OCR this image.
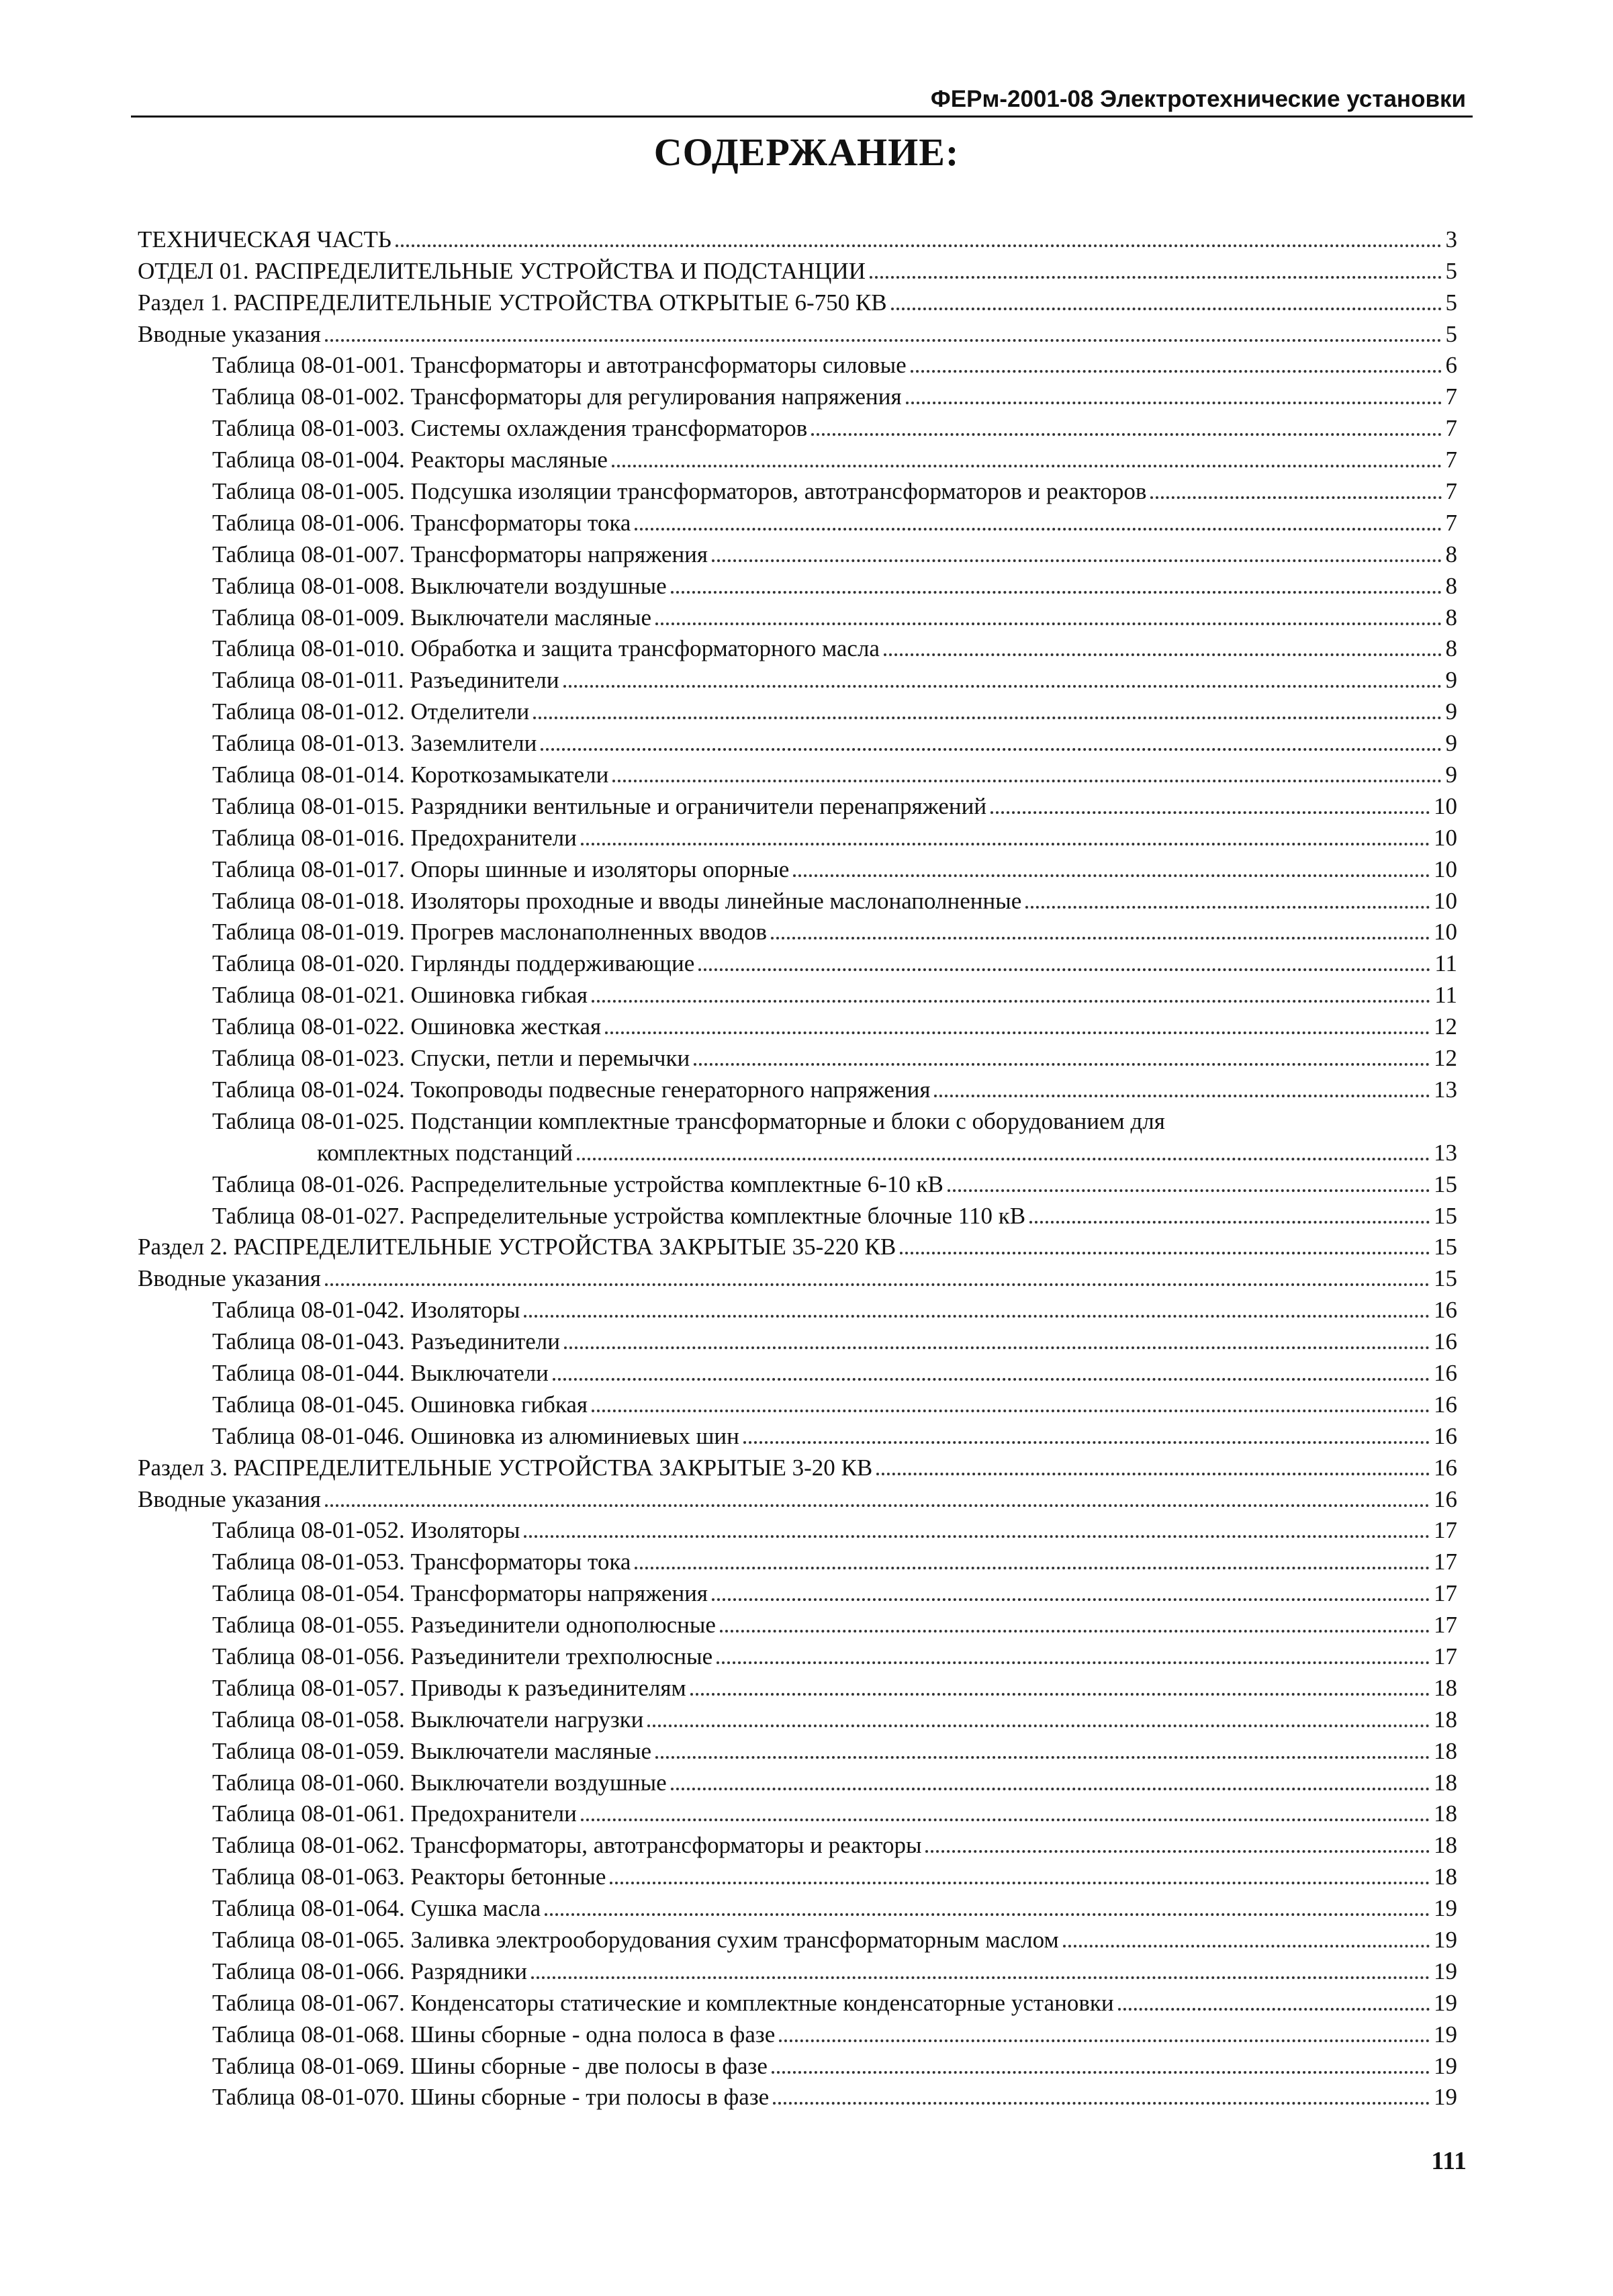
ФЕРм-2001-08 Электротехнические установки
СОДЕРЖАНИЕ:
ТЕХНИЧЕСКАЯ ЧАСТЬ	3
ОТДЕЛ 01. РАСПРЕДЕЛИТЕЛЬНЫЕ УСТРОЙСТВА И ПОДСТАНЦИИ	5
Раздел 1. РАСПРЕДЕЛИТЕЛЬНЫЕ УСТРОЙСТВА ОТКРЫТЫЕ 6-750 КВ	5
Вводные указания	5
Таблица 08-01-001. Трансформаторы и автотрансформаторы силовые	6
Таблица 08-01-002. Трансформаторы для регулирования напряжения	7
Таблица 08-01-003. Системы охлаждения трансформаторов	7
Таблица 08-01-004. Реакторы масляные	7
Таблица 08-01-005. Подсушка изоляции трансформаторов, автотрансформаторов и реакторов	7
Таблица 08-01-006. Трансформаторы тока	7
Таблица 08-01-007. Трансформаторы напряжения	8
Таблица 08-01-008. Выключатели воздушные	8
Таблица 08-01-009. Выключатели масляные	8
Таблица 08-01-010. Обработка и защита трансформаторного масла	8
Таблица 08-01-011. Разъединители	9
Таблица 08-01-012. Отделители	9
Таблица 08-01-013. Заземлители	9
Таблица 08-01-014. Короткозамыкатели	9
Таблица 08-01-015. Разрядники вентильные и ограничители перенапряжений	10
Таблица 08-01-016. Предохранители	10
Таблица 08-01-017. Опоры шинные и изоляторы опорные	10
Таблица 08-01-018. Изоляторы проходные и вводы линейные маслонаполненные	10
Таблица 08-01-019. Прогрев маслонаполненных вводов	10
Таблица 08-01-020. Гирлянды поддерживающие	11
Таблица 08-01-021. Ошиновка гибкая	11
Таблица 08-01-022. Ошиновка жесткая	12
Таблица 08-01-023. Спуски, петли и перемычки	12
Таблица 08-01-024. Токопроводы подвесные генераторного напряжения	13
Таблица 08-01-025. Подстанции комплектные трансформаторные и блоки с оборудованием для
комплектных подстанций	13
Таблица 08-01-026. Распределительные устройства комплектные 6-10 кВ	15
Таблица 08-01-027. Распределительные устройства комплектные блочные 110 кВ	15
Раздел 2. РАСПРЕДЕЛИТЕЛЬНЫЕ УСТРОЙСТВА ЗАКРЫТЫЕ 35-220 КВ	15
Вводные указания	15
Таблица 08-01-042. Изоляторы	16
Таблица 08-01-043. Разъединители	16
Таблица 08-01-044. Выключатели	16
Таблица 08-01-045. Ошиновка гибкая	16
Таблица 08-01-046. Ошиновка из алюминиевых шин	16
Раздел 3. РАСПРЕДЕЛИТЕЛЬНЫЕ УСТРОЙСТВА ЗАКРЫТЫЕ 3-20 КВ	16
Вводные указания	16
Таблица 08-01-052. Изоляторы	17
Таблица 08-01-053. Трансформаторы тока	17
Таблица 08-01-054. Трансформаторы напряжения	17
Таблица 08-01-055. Разъединители однополюсные	17
Таблица 08-01-056. Разъединители трехполюсные	17
Таблица 08-01-057. Приводы к разъединителям	18
Таблица 08-01-058. Выключатели нагрузки	18
Таблица 08-01-059. Выключатели масляные	18
Таблица 08-01-060. Выключатели воздушные	18
Таблица 08-01-061. Предохранители	18
Таблица 08-01-062. Трансформаторы, автотрансформаторы и реакторы	18
Таблица 08-01-063. Реакторы бетонные	18
Таблица 08-01-064. Сушка масла	19
Таблица 08-01-065. Заливка электрооборудования сухим трансформаторным маслом	19
Таблица 08-01-066. Разрядники	19
Таблица 08-01-067. Конденсаторы статические и комплектные конденсаторные установки	19
Таблица 08-01-068. Шины сборные - одна полоса в фазе	19
Таблица 08-01-069. Шины сборные - две полосы в фазе	19
Таблица 08-01-070. Шины сборные - три полосы в фазе	19
111
